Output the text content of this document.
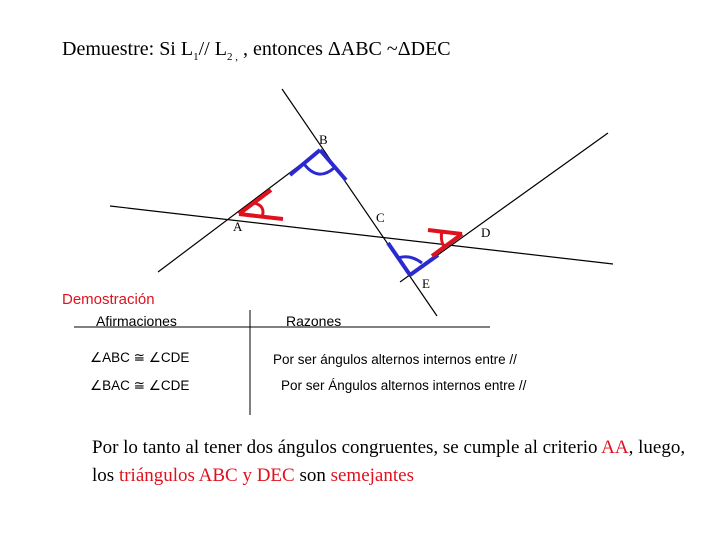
Demuestre: Si $L_1//$ $L_{2 ,}$ , entonces ΔABC ~ΔDEC
A
B
C
D
E
Demostración
Afirmaciones	Razones
∠ABC ≅ ∠CDE
∠BAC ≅ ∠CDE
Por ser ángulos alternos internos entre //
Por ser Ángulos alternos internos entre //
Por lo tanto al tener dos ángulos congruentes, se cumple al criterio AA, luego, los triángulos ABC y DEC son semejantes
